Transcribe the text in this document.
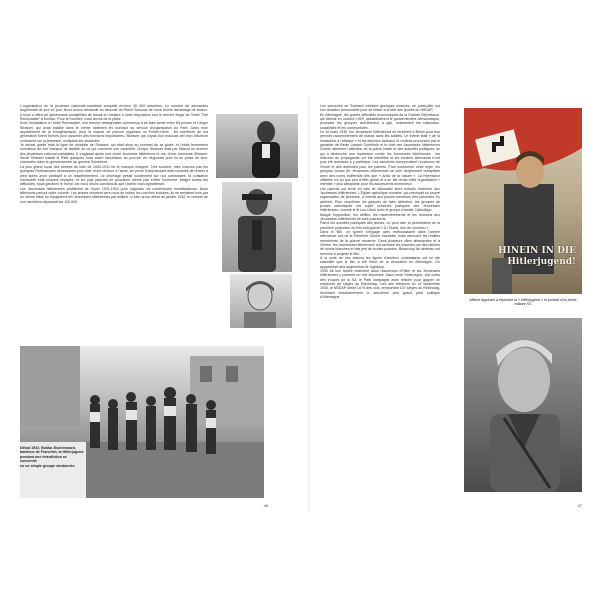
L'organisation de la jeunesse nationale-socialiste comptait environ 35 000 membres. Le nombre de demandes augmentait de jour en jour. Nous avons demandé au trésorier du Reich Schwarz de nous fournir davantage de locaux. Il nous a offert de généreuses possibilités de travail en mettant à notre disposition tout le dernier étage de l'hôtel "Der Reichsadler" à Munich. Pour le moment, nous avons de la place.
Avec l'installation à l'hôtel Reichsadler, une tension désagréable commença à se faire sentir entre les jeunes et Gregor Strasser, qui avait installé dans le même bâtiment les bureaux du service d'organisation du Parti. Dans mon appartement de la Königinstrasse, j'eus la chance de pouvoir organiser un Führer-Heim ; les membres de ma génération furent formés pour assumer des fonctions importantes. Strasser, qui voyait d'un mauvais œil mon influence croissante sur la jeunesse, multipliait les obstacles.
Je savais quelle était la ligne de conduite de Strasser, qui était alors au sommet de sa gloire, et j'étais fermement convaincu de son manque de fiabilité en ce qui concerne son caractère. Gregor Strasser était par instinct un ennemi des jeunesses national-socialistes. Il s'agissait après tout d'une Jeunesse hitlérienne et non d'une Jeunesse Strasser. Seule Strasser traitait le Parti quelques mois avant l'accession au pouvoir, en négociant pour lui un poste de vice-chancelier dans le gouvernement du général Schleicher.
La plus grand souci des années de lutte de 1930-1931 fut le manque d'argent. Très souvent, mes n'avions pas les quelques Reichsmarks nécessaires pour aller d'une réunion à l'autre. Un jeune Kommandant était contraint de rentrer à pied après avoir participé à un rassemblement. Le chômage pesait lourdement sur nos camarades, la cotisation mensuelle était souvent impayée, et les plus pauvres ne pouvaient même pas s'offrir l'uniforme. Malgré toutes les difficultés, nous gardions le moral, car nous étions convaincus que l'avenir nous appartenait.
Les Jeunesses hitlériennes profitèrent de l'hiver 1931-1932 pour organiser de nombreuses manifestations. Nous affirmions partout notre volonté. Les jeunes venaient vers nous de toutes les couches sociales, ils se sentaient unis par un même idéal. Ils rejoignirent les Jeunesses hitlériennes par milliers, si bien qu'au début de janvier 1932, le nombre de nos membres dépassait les 100 000.
Début 1932, Baldur-Eschenbach,
banlieue de Francfort, la Hitlerjugend
pendant une interdiction se conventle
en un simple groupe randonnée.
46
Les souvenirs de Schirach méritent quelques nuances, en particulier sur son ambition personnelle pour se hisser à la tête des jeunes du NSDAP.
En Allemagne, les graves difficultés économiques de la Grande Dépression, qui débute en octobre 1929, déstabilisèrent le gouvernement démocratique, poussant les groupes anti-libéraux à agir, notamment les nationaux-socialistes et les communistes.
Le 16 mars 1930, les Jeunesses hitlériennes se réunirent à Berlin pour leur premier rassemblement de masse sans les adultes. Le thème était « de la résistance à l'attaque » et les discours radicaux et violents prononcés par le gauleiter de Berlin Joseph Goebbels et le chef des Jeunesses hitlériennes Gruber attirèrent l'attention de la police locale et des autorités politiques, ce qui a déclenché une répression contre les Jeunesses hitlériennes : les marches de propagande ont été interdites et les écoliers allemands n'ont plus été autorisés à y participer. Les sanctions comprenaient l'exclusion de l'école et des amendes pour les parents. Pour contourner cette règle, les groupes locaux de Jeunesses hitlériennes se sont simplement rebaptisés avec des noms inoffensifs tels que « Amis de la nature ». La répression officielle n'a eu que peu d'effet global et a en fait rendu cette organisation « interdite » plus attrayante pour les adolescents aventureux.
Les parents ont tenté en vain de dissuader leurs enfants d'adhérer aux Jeunesses hitlériennes. L'Église catholique romaine, qui prévoyait sa propre organisation de jeunesse, a interdit aux jeunes membres des paroisses d'y adhérer. Pour empêcher les garçons de faire défection, les groupes de jeunes catholiques ont copié certaines pratiques des Jeunesses hitlériennes, comme le fit Los-Ulrich avec le groupe d'amitié Catholique.
Malgré l'opposition, les défilés, les rassemblements et les réunions des Jeunesses hitlériennes se sont poursuivis.
Parmi les activités publiques des jeunes, on peut citer la perturbation de la première projection du film anti-guerre « À l'Ouest, rien de nouveau ».
Dans le film, un lycéen s'engage avec enthousiasme dans l'armée allemande lors de la Première Guerre mondiale, mais découvre les réalités meurtrières de la guerre moderne. Dans plusieurs villes allemandes et à Vienne, les Jeunesses hitlériennes ont perturbé les séances par des lâchers de souris blanches et des jets de boules puantes. Beaucoup de cinémas ont renoncé à projeter le film.
À la suite de ces actions les ligues d'anciens combattants ont lui été scandale que le film a été retiré de la circulation en Allemagne. On apparentait cela augmentait de l'agitprop.
1930 fut une année charnière dans l'ascension d'Hitler et les Jeunesses hitlériennes y jouèrent un rôle important. Dans toute l'Allemagne, aux côtés des troupes de la SA, le Parti campagne avec relâche pour gagner un maximum de sièges au Reichstag. Lors des élections du 14 septembre 1930, le NSDAP obtint 18 % des voix, remportant 107 sièges au Reichstag, devenant instantanément le deuxième plus grand parti politique d'Allemagne.
HINEIN IN DIE Hitlerjugend!
Affiche appelant à rejoindre la « Hitlerjugend » et portrait d'un jeune militant HJ.
47
